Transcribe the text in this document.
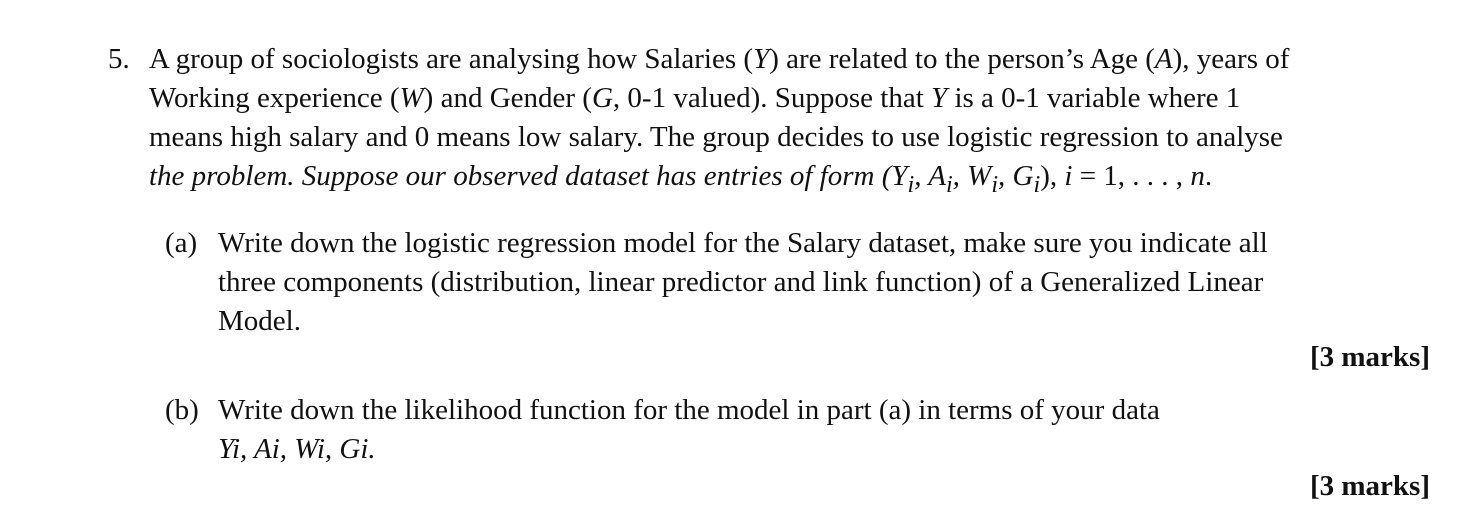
5. A group of sociologists are analysing how Salaries (Y) are related to the person’s Age (A), years of
Working experience (W) and Gender (G, 0-1 valued). Suppose that Y is a 0-1 variable where 1
means high salary and 0 means low salary. The group decides to use logistic regression to analyse
the problem. Suppose our observed dataset has entries of form ($Y_i$, $A_i$, $W_i$, $G_i$), i = 1, . . . , n.
(a) Write down the logistic regression model for the Salary dataset, make sure you indicate all
three components (distribution, linear predictor and link function) of a Generalized Linear
Model.
[3 marks]
(b) Write down the likelihood function for the model in part (a) in terms of your data
Yi, Ai, Wi, Gi.
[3 marks]
